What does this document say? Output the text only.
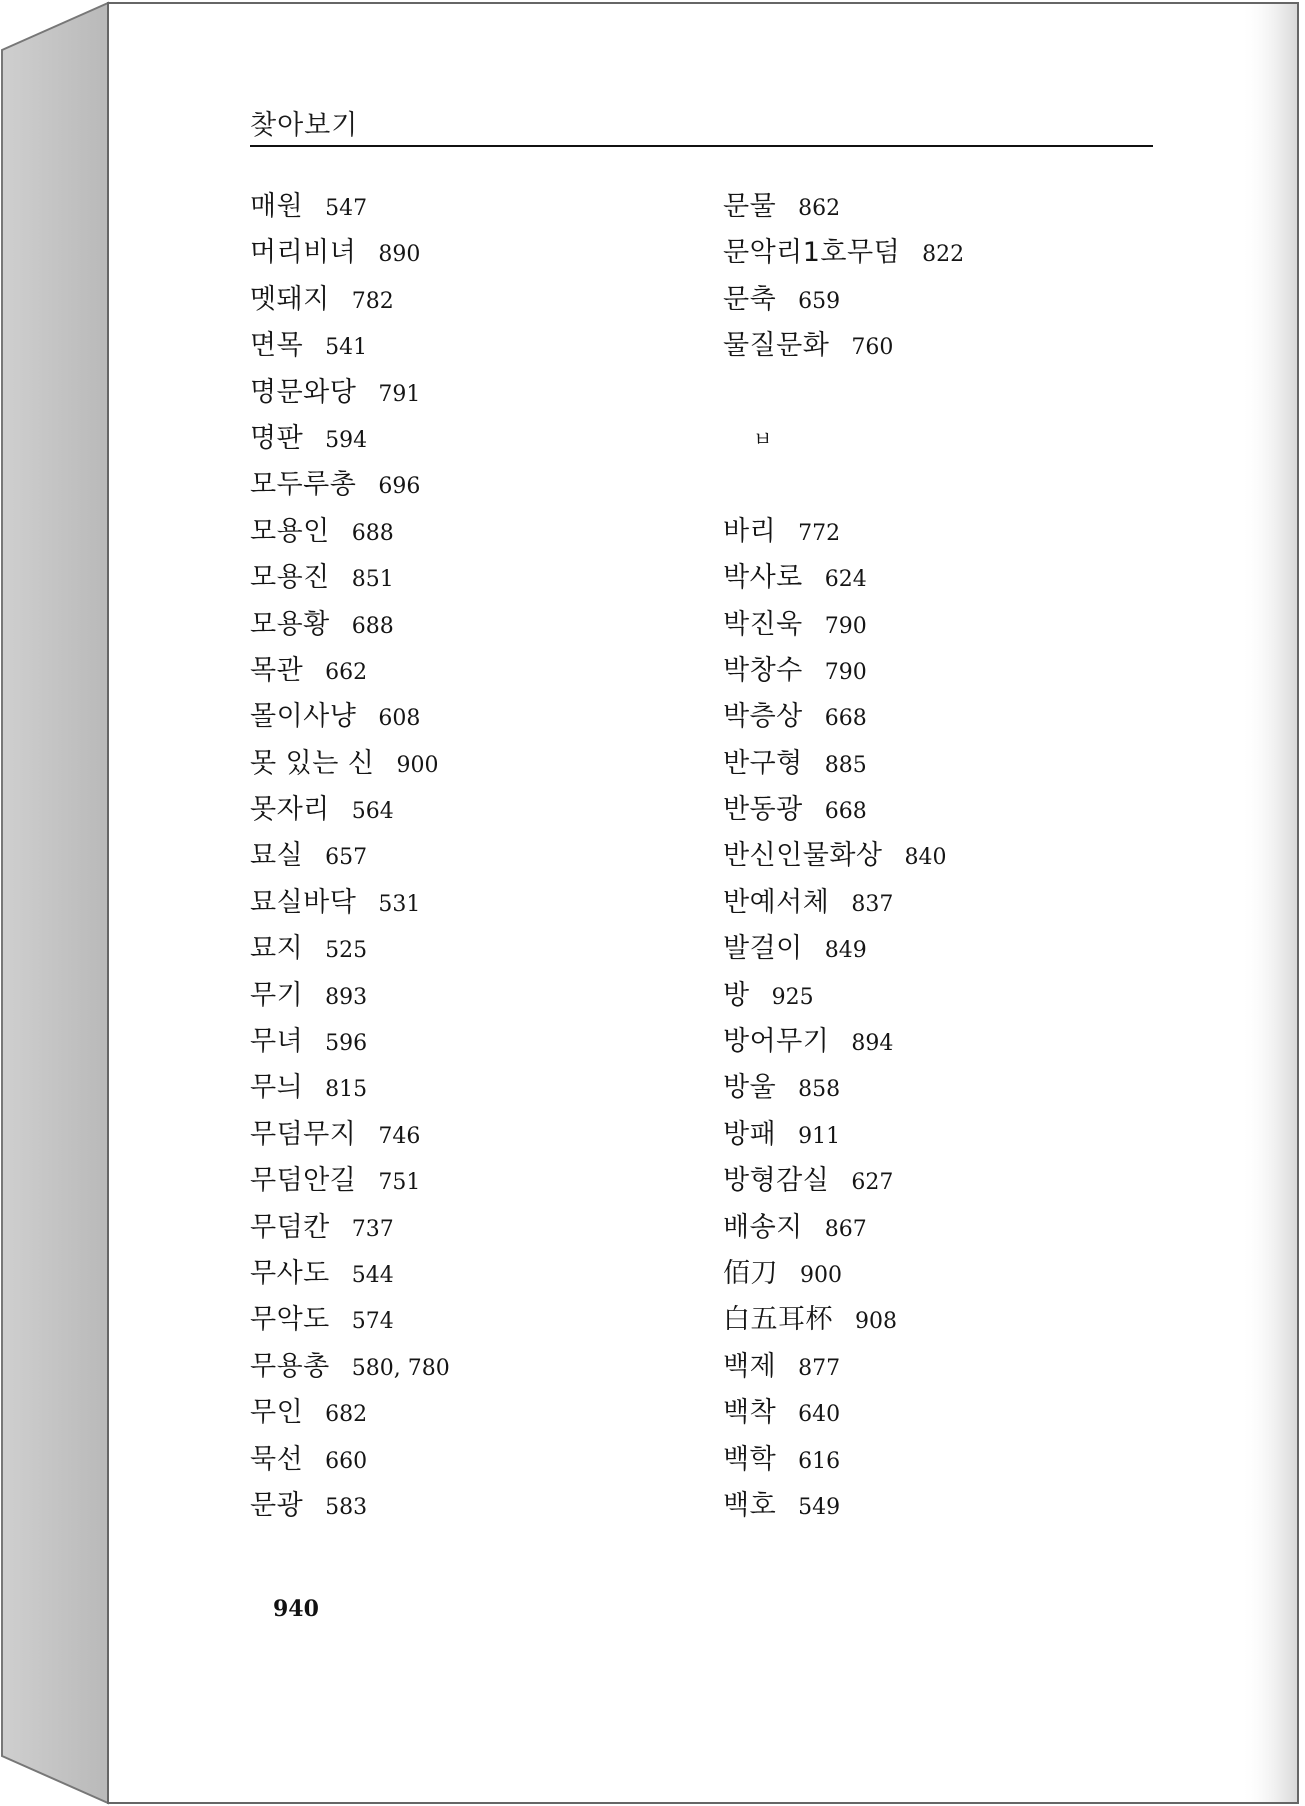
찾아보기
매원 547
머리비녀 890
멧돼지 782
면목 541
명문와당 791
명판 594
모두루총 696
모용인 688
모용진 851
모용황 688
목관 662
몰이사냥 608
못 있는 신 900
못자리 564
묘실 657
묘실바닥 531
묘지 525
무기 893
무녀 596
무늬 815
무덤무지 746
무덤안길 751
무덤칸 737
무사도 544
무악도 574
무용총 580, 780
무인 682
묵선 660
문광 583
문물 862
문악리1호무덤 822
문축 659
물질문화 760
ㅂ
바리 772
박사로 624
박진욱 790
박창수 790
박층상 668
반구형 885
반동광 668
반신인물화상 840
반예서체 837
발걸이 849
방 925
방어무기 894
방울 858
방패 911
방형감실 627
배송지 867
佰刀 900
白五耳杯 908
백제 877
백착 640
백학 616
백호 549
940
